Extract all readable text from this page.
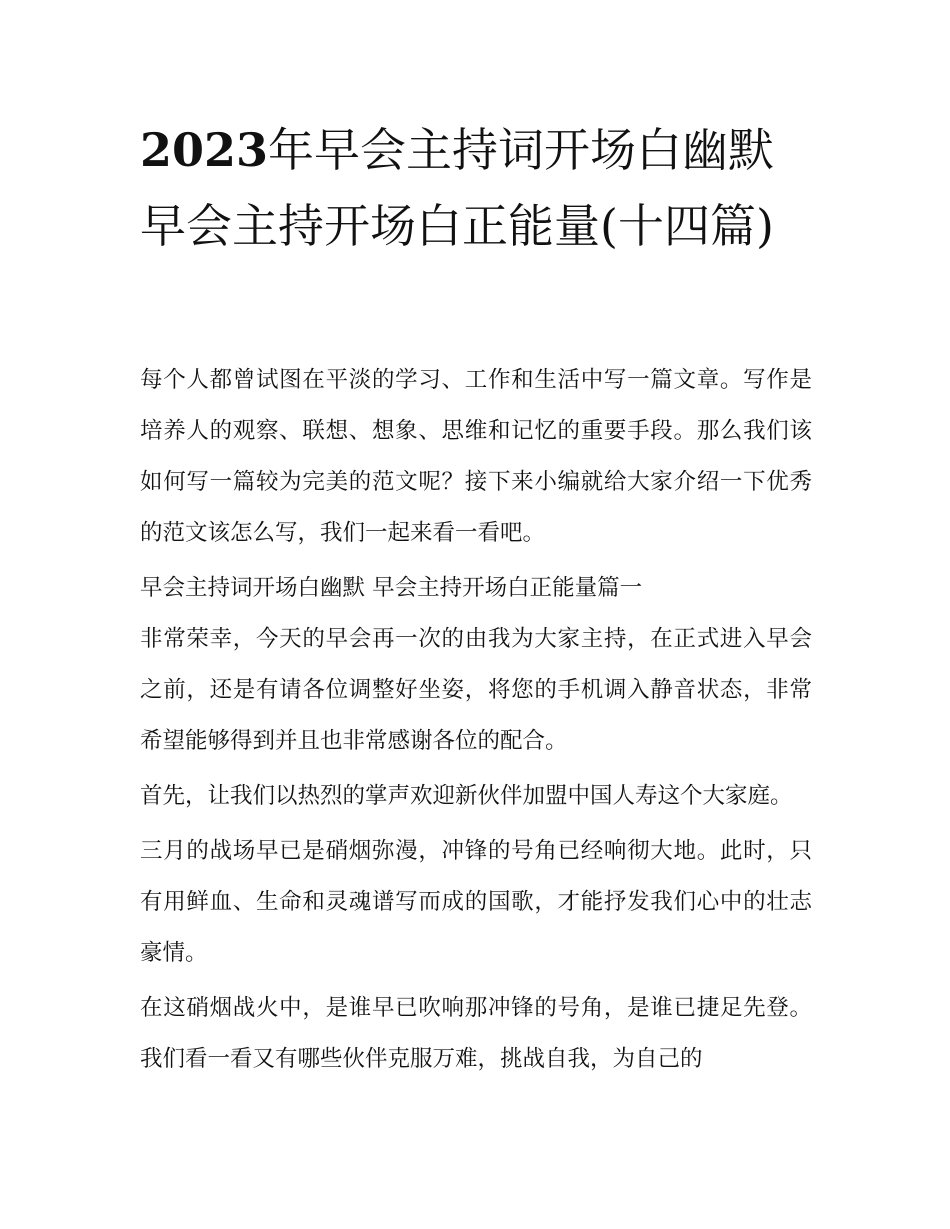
2023年早会主持词开场白幽默早会主持开场白正能量(十四篇)

每个人都曾试图在平淡的学习、工作和生活中写一篇文章。写作是培养人的观察、联想、想象、思维和记忆的重要手段。那么我们该如何写一篇较为完美的范文呢？接下来小编就给大家介绍一下优秀的范文该怎么写，我们一起来看一看吧。

早会主持词开场白幽默 早会主持开场白正能量篇一

非常荣幸，今天的早会再一次的由我为大家主持，在正式进入早会之前，还是有请各位调整好坐姿，将您的手机调入静音状态，非常希望能够得到并且也非常感谢各位的配合。

首先，让我们以热烈的掌声欢迎新伙伴加盟中国人寿这个大家庭。

三月的战场早已是硝烟弥漫，冲锋的号角已经响彻大地。此时，只有用鲜血、生命和灵魂谱写而成的国歌，才能抒发我们心中的壮志豪情。

在这硝烟战火中，是谁早已吹响那冲锋的号角，是谁已捷足先登。我们看一看又有哪些伙伴克服万难，挑战自我，为自己的
